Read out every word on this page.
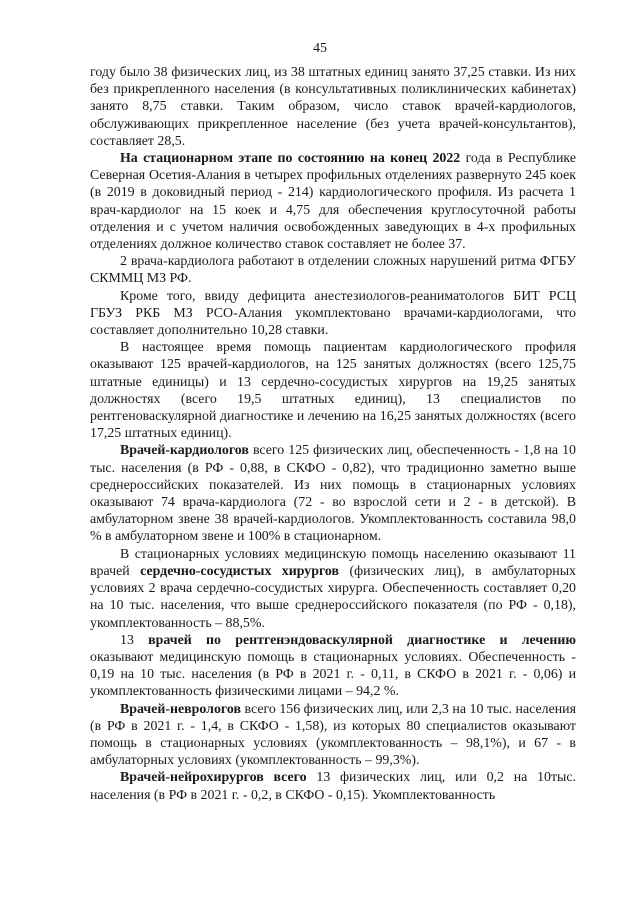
45

году было 38 физических лиц, из 38 штатных единиц занято 37,25 ставки. Из них без прикрепленного населения (в консультативных поликлинических кабинетах) занято 8,75 ставки. Таким образом, число ставок врачей-кардиологов, обслуживающих прикрепленное население (без учета врачей-консультантов), составляет 28,5.

На стационарном этапе по состоянию на конец 2022 года в Республике Северная Осетия-Алания в четырех профильных отделениях развернуто 245 коек (в 2019 в доковидный период - 214) кардиологического профиля. Из расчета 1 врач-кардиолог на 15 коек и 4,75 для обеспечения круглосуточной работы отделения и с учетом наличия освобожденных заведующих в 4-х профильных отделениях должное количество ставок составляет не более 37.

2 врача-кардиолога работают в отделении сложных нарушений ритма ФГБУ СКММЦ МЗ РФ.

Кроме того, ввиду дефицита анестезиологов-реаниматологов БИТ РСЦ ГБУЗ РКБ МЗ РСО-Алания укомплектовано врачами-кардиологами, что составляет дополнительно 10,28 ставки.

В настоящее время помощь пациентам кардиологического профиля оказывают 125 врачей-кардиологов, на 125 занятых должностях (всего 125,75 штатные единицы) и 13 сердечно-сосудистых хирургов на 19,25 занятых должностях (всего 19,5 штатных единиц), 13 специалистов по рентгеноваскулярной диагностике и лечению на 16,25 занятых должностях (всего 17,25 штатных единиц).

Врачей-кардиологов всего 125 физических лиц, обеспеченность - 1,8 на 10 тыс. населения (в РФ - 0,88, в СКФО - 0,82), что традиционно заметно выше среднероссийских показателей. Из них помощь в стационарных условиях оказывают 74 врача-кардиолога (72 - во взрослой сети и 2 - в детской). В амбулаторном звене 38 врачей-кардиологов. Укомплектованность составила 98,0 % в амбулаторном звене и 100% в стационарном.

В стационарных условиях медицинскую помощь населению оказывают 11 врачей сердечно-сосудистых хирургов (физических лиц), в амбулаторных условиях 2 врача сердечно-сосудистых хирурга. Обеспеченность составляет 0,20 на 10 тыс. населения, что выше среднероссийского показателя (по РФ - 0,18), укомплектованность – 88,5%.

13 врачей по рентгенэндоваскулярной диагностике и лечению оказывают медицинскую помощь в стационарных условиях. Обеспеченность - 0,19 на 10 тыс. населения (в РФ в 2021 г. - 0,11, в СКФО в 2021 г. - 0,06) и укомплектованность физическими лицами – 94,2 %.

Врачей-неврологов всего 156 физических лиц, или 2,3 на 10 тыс. населения (в РФ в 2021 г. - 1,4, в СКФО - 1,58), из которых 80 специалистов оказывают помощь в стационарных условиях (укомплектованность – 98,1%), и 67 - в амбулаторных условиях (укомплектованность – 99,3%).

Врачей-нейрохирургов всего 13 физических лиц, или 0,2 на 10тыс. населения (в РФ в 2021 г. - 0,2, в СКФО - 0,15). Укомплектованность
